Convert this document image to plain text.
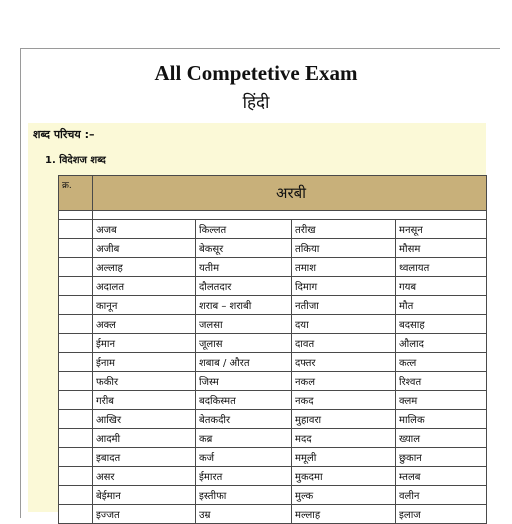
All Competetive Exam
हिंदी
शब्द परिचय :–
1. विदेशज शब्द
क्र.	अरबी			

	अजब	किल्लत	तरीख	मनसून
	अजीब	बेकसूर	तकिया	मौसम
	अल्लाह	यतीम	तमाश	थ्वलायत
	अदालत	दौलतदार	दिमाग	गयब
	कानून	शराब – शराबी	नतीजा	मौत
	अक्ल	जलसा	दया	बदसाह
	ईमान	जूलास	दावत	औलाद
	ईनाम	शबाब / औरत	दफ्तर	कत्ल
	फकीर	जिस्म	नकल	रिश्वत
	गरीब	बदकिस्मत	नकद	क्लम
	आखिर	बेतकदीर	मुहावरा	मालिक
	आदमी	कब्र	मदद	ख्याल
	इबादत	कर्ज	ममूली	छुकान
	असर	ईमारत	मुकदमा	म्तलब
	बेईमान	इस्तीफा	मुल्क	वलीन
	इज्जत	उम्र	मल्लाह	इलाज
